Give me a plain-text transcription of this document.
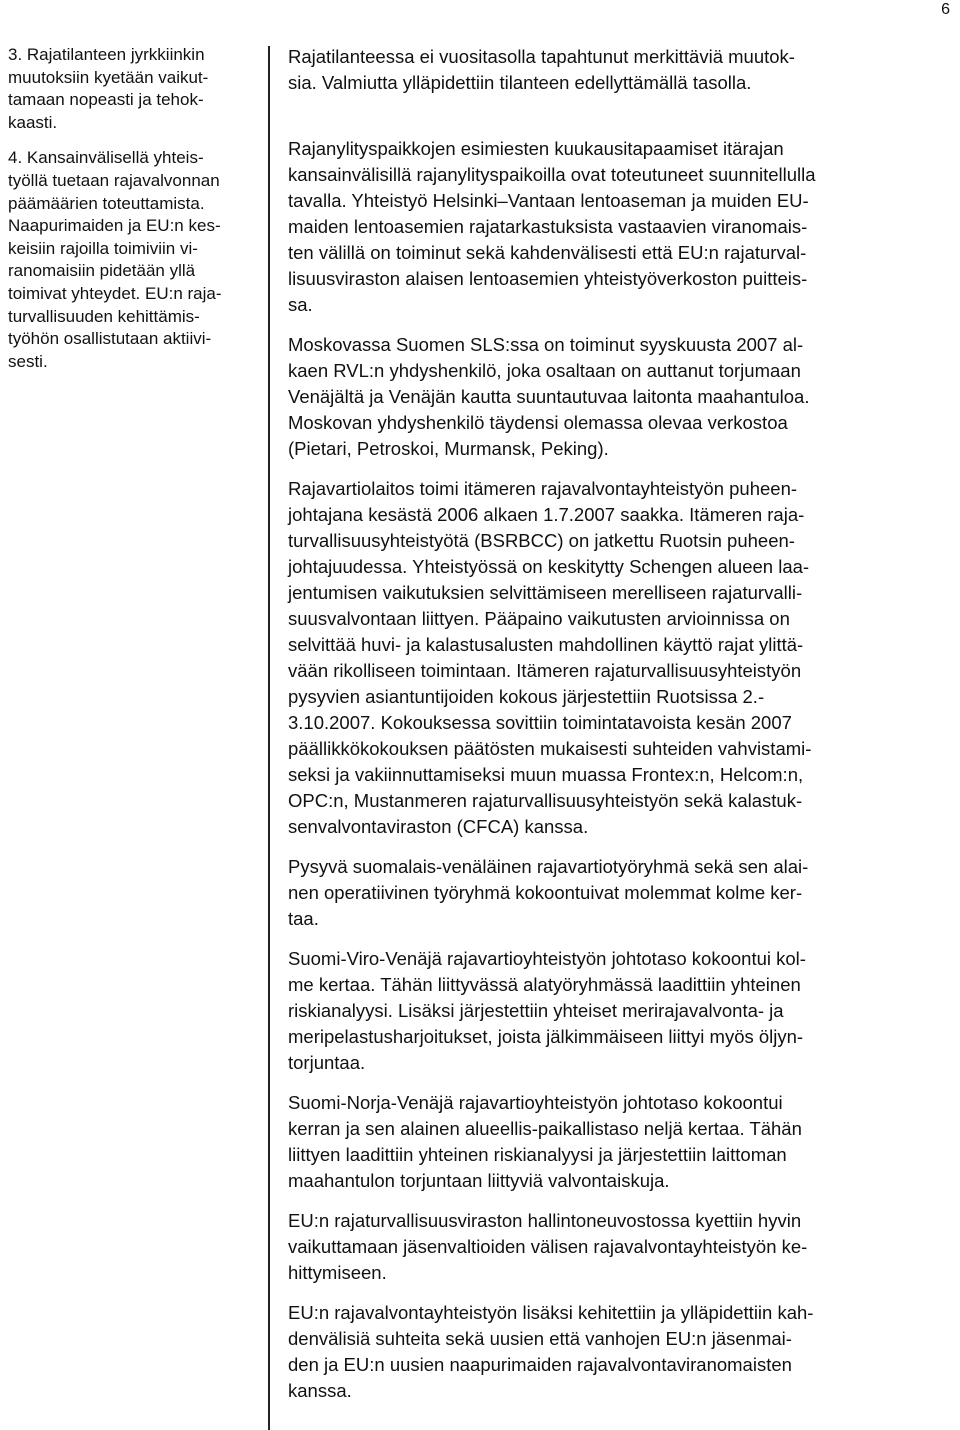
6

3. Rajatilanteen jyrkkiinkin
muutoksiin kyetään vaikut-
tamaan nopeasti ja tehok-
kaasti.

4. Kansainvälisellä yhteis-
työllä tuetaan rajavalvonnan
päämäärien toteuttamista.
Naapurimaiden ja EU:n kes-
keisiin rajoilla toimiviin vi-
ranomaisiin pidetään yllä
toimivat yhteydet. EU:n raja-
turvallisuuden kehittämis-
työhön osallistutaan aktiivi-
sesti.

Rajatilanteessa ei vuositasolla tapahtunut merkittäviä muutok-
sia. Valmiutta ylläpidettiin tilanteen edellyttämällä tasolla.

Rajanylityspaikkojen esimiesten kuukausitapaamiset itärajan
kansainvälisillä rajanylityspaikoilla ovat toteutuneet suunnitellulla
tavalla. Yhteistyö Helsinki–Vantaan lentoaseman ja muiden EU-
maiden lentoasemien rajatarkastuksista vastaavien viranomais-
ten välillä on toiminut sekä kahdenvälisesti että EU:n rajaturval-
lisuusviraston alaisen lentoasemien yhteistyöverkoston puitteis-
sa.

Moskovassa Suomen SLS:ssa on toiminut syyskuusta 2007 al-
kaen RVL:n yhdyshenkilö, joka osaltaan on auttanut torjumaan
Venäjältä ja Venäjän kautta suuntautuvaa laitonta maahantuloa.
Moskovan yhdyshenkilö täydensi olemassa olevaa verkostoa
(Pietari, Petroskoi, Murmansk, Peking).

Rajavartiolaitos toimi itämeren rajavalvontayhteistyön puheen-
johtajana kesästä 2006 alkaen 1.7.2007 saakka. Itämeren raja-
turvallisuusyhteistyötä (BSRBCC) on jatkettu Ruotsin puheen-
johtajuudessa. Yhteistyössä on keskitytty Schengen alueen laa-
jentumisen vaikutuksien selvittämiseen merelliseen rajaturvalli-
suusvalvontaan liittyen. Pääpaino vaikutusten arvioinnissa on
selvittää huvi- ja kalastusalusten mahdollinen käyttö rajat ylittä-
vään rikolliseen toimintaan. Itämeren rajaturvallisuusyhteistyön
pysyvien asiantuntijoiden kokous järjestettiin Ruotsissa 2.-
3.10.2007. Kokouksessa sovittiin toimintatavoista kesän 2007
päällikkökokouksen päätösten mukaisesti suhteiden vahvistami-
seksi ja vakiinnuttamiseksi muun muassa Frontex:n, Helcom:n,
OPC:n, Mustanmeren rajaturvallisuusyhteistyön sekä kalastuk-
senvalvontaviraston (CFCA) kanssa.

Pysyvä suomalais-venäläinen rajavartiotyöryhmä sekä sen alai-
nen operatiivinen työryhmä kokoontuivat molemmat kolme ker-
taa.

Suomi-Viro-Venäjä rajavartioyhteistyön johtotaso kokoontui kol-
me kertaa. Tähän liittyvässä alatyöryhmässä laadittiin yhteinen
riskianalyysi. Lisäksi järjestettiin yhteiset merirajavalvonta- ja
meripelastusharjoitukset, joista jälkimmäiseen liittyi myös öljyn-
torjuntaa.

Suomi-Norja-Venäjä rajavartioyhteistyön johtotaso kokoontui
kerran ja sen alainen alueellis-paikallistaso neljä kertaa. Tähän
liittyen laadittiin yhteinen riskianalyysi ja järjestettiin laittoman
maahantulon torjuntaan liittyviä valvontaiskuja.

EU:n rajaturvallisuusviraston hallintoneuvostossa kyettiin hyvin
vaikuttamaan jäsenvaltioiden välisen rajavalvontayhteistyön ke-
hittymiseen.

EU:n rajavalvontayhteistyön lisäksi kehitettiin ja ylläpidettiin kah-
denvälisiä suhteita sekä uusien että vanhojen EU:n jäsenmai-
den ja EU:n uusien naapurimaiden rajavalvontaviranomaisten
kanssa.
